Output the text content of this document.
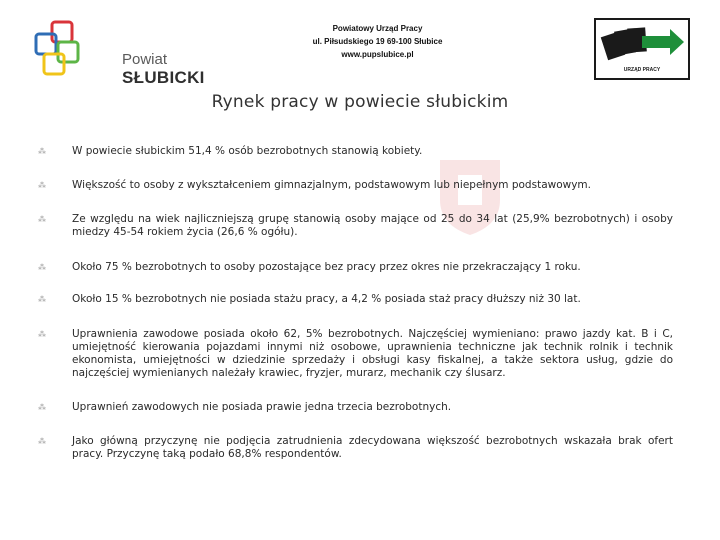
Powiat
SŁUBICKI
Powiatowy Urząd Pracy
ul. Piłsudskiego 19 69-100 Słubice
www.pupslubice.pl
URZĄD PRACY
Rynek pracy w powiecie słubickim
⁂ W powiecie słubickim 51,4 % osób bezrobotnych stanowią kobiety.
⁂ Większość to osoby z wykształceniem gimnazjalnym, podstawowym lub niepełnym podstawowym.
⁂ Ze względu na wiek najliczniejszą grupę stanowią osoby mające od 25 do 34 lat (25,9% bezrobotnych) i osoby miedzy 45-54 rokiem życia (26,6 % ogółu).
⁂ Około 75 % bezrobotnych to osoby pozostające bez pracy przez okres nie przekraczający 1 roku.
⁂ Około 15 % bezrobotnych nie posiada stażu pracy, a 4,2 % posiada staż pracy dłuższy niż 30 lat.
⁂ Uprawnienia zawodowe posiada około 62, 5% bezrobotnych. Najczęściej wymieniano: prawo jazdy kat. B i C, umiejętność kierowania pojazdami innymi niż osobowe, uprawnienia techniczne jak technik rolnik i technik ekonomista, umiejętności w dziedzinie sprzedaży i obsługi kasy fiskalnej, a także sektora usług, gdzie do najczęściej wymienianych należały krawiec, fryzjer, murarz, mechanik czy ślusarz.
⁂ Uprawnień zawodowych nie posiada prawie jedna trzecia bezrobotnych.
⁂ Jako główną przyczynę nie podjęcia zatrudnienia zdecydowana większość bezrobotnych wskazała brak ofert pracy. Przyczynę taką podało 68,8% respondentów.
